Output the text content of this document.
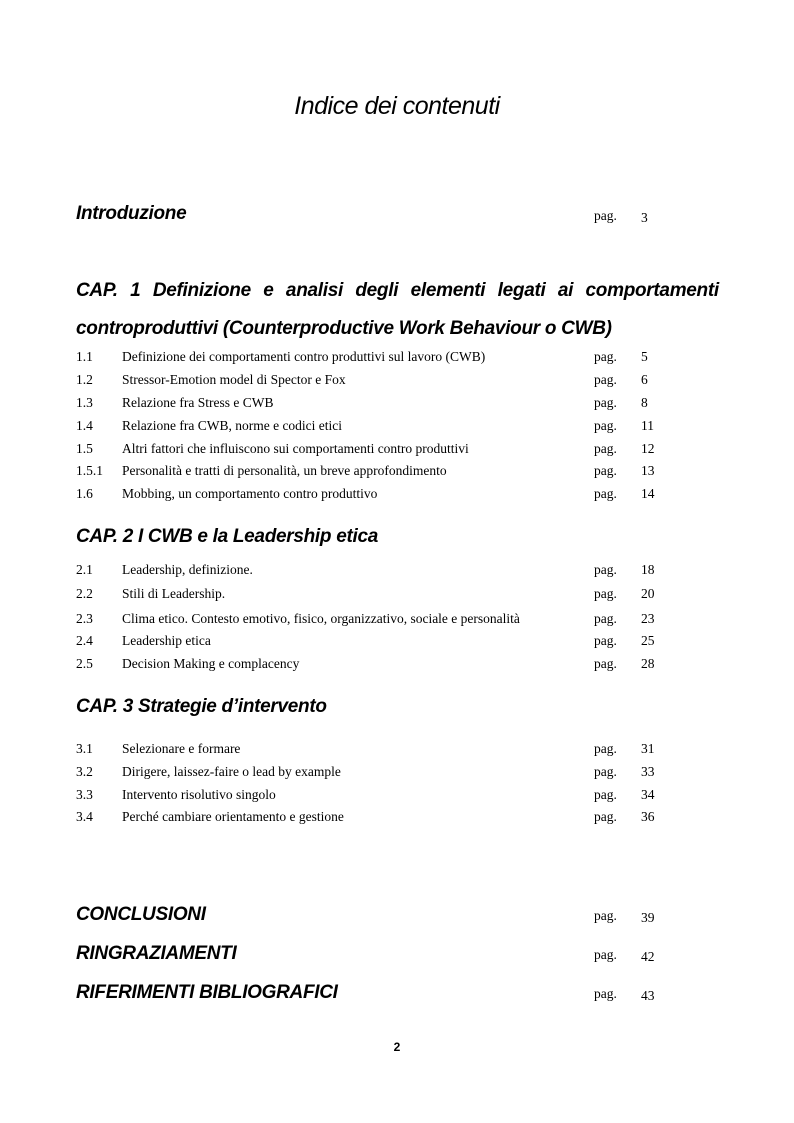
Indice dei contenuti
Introduzione	pag. 3
CAP. 1 Definizione e analisi degli elementi legati ai comportamenti
controproduttivi (Counterproductive Work Behaviour o CWB)
1.1 Definizione dei comportamenti contro produttivi sul lavoro (CWB)	pag. 5
1.2 Stressor-Emotion model di Spector e Fox	pag. 6
1.3 Relazione fra Stress e CWB	pag. 8
1.4 Relazione fra CWB, norme e codici etici	pag. 11
1.5 Altri fattori che influiscono sui comportamenti contro produttivi	pag. 12
1.5.1 Personalità e tratti di personalità, un breve approfondimento	pag. 13
1.6 Mobbing, un comportamento contro produttivo	pag. 14
CAP. 2 I CWB e la Leadership etica
2.1 Leadership, definizione.	pag. 18
2.2 Stili di Leadership.	pag. 20
2.3 Clima etico. Contesto emotivo, fisico, organizzativo, sociale e personalità	pag. 23
2.4 Leadership etica	pag. 25
2.5 Decision Making e complacency	pag. 28
CAP. 3 Strategie d’intervento
3.1 Selezionare e formare	pag. 31
3.2 Dirigere, laissez-faire o lead by example	pag. 33
3.3 Intervento risolutivo singolo	pag. 34
3.4 Perché cambiare orientamento e gestione	pag. 36
CONCLUSIONI	pag. 39
RINGRAZIAMENTI	pag. 42
RIFERIMENTI BIBLIOGRAFICI	pag. 43
2
